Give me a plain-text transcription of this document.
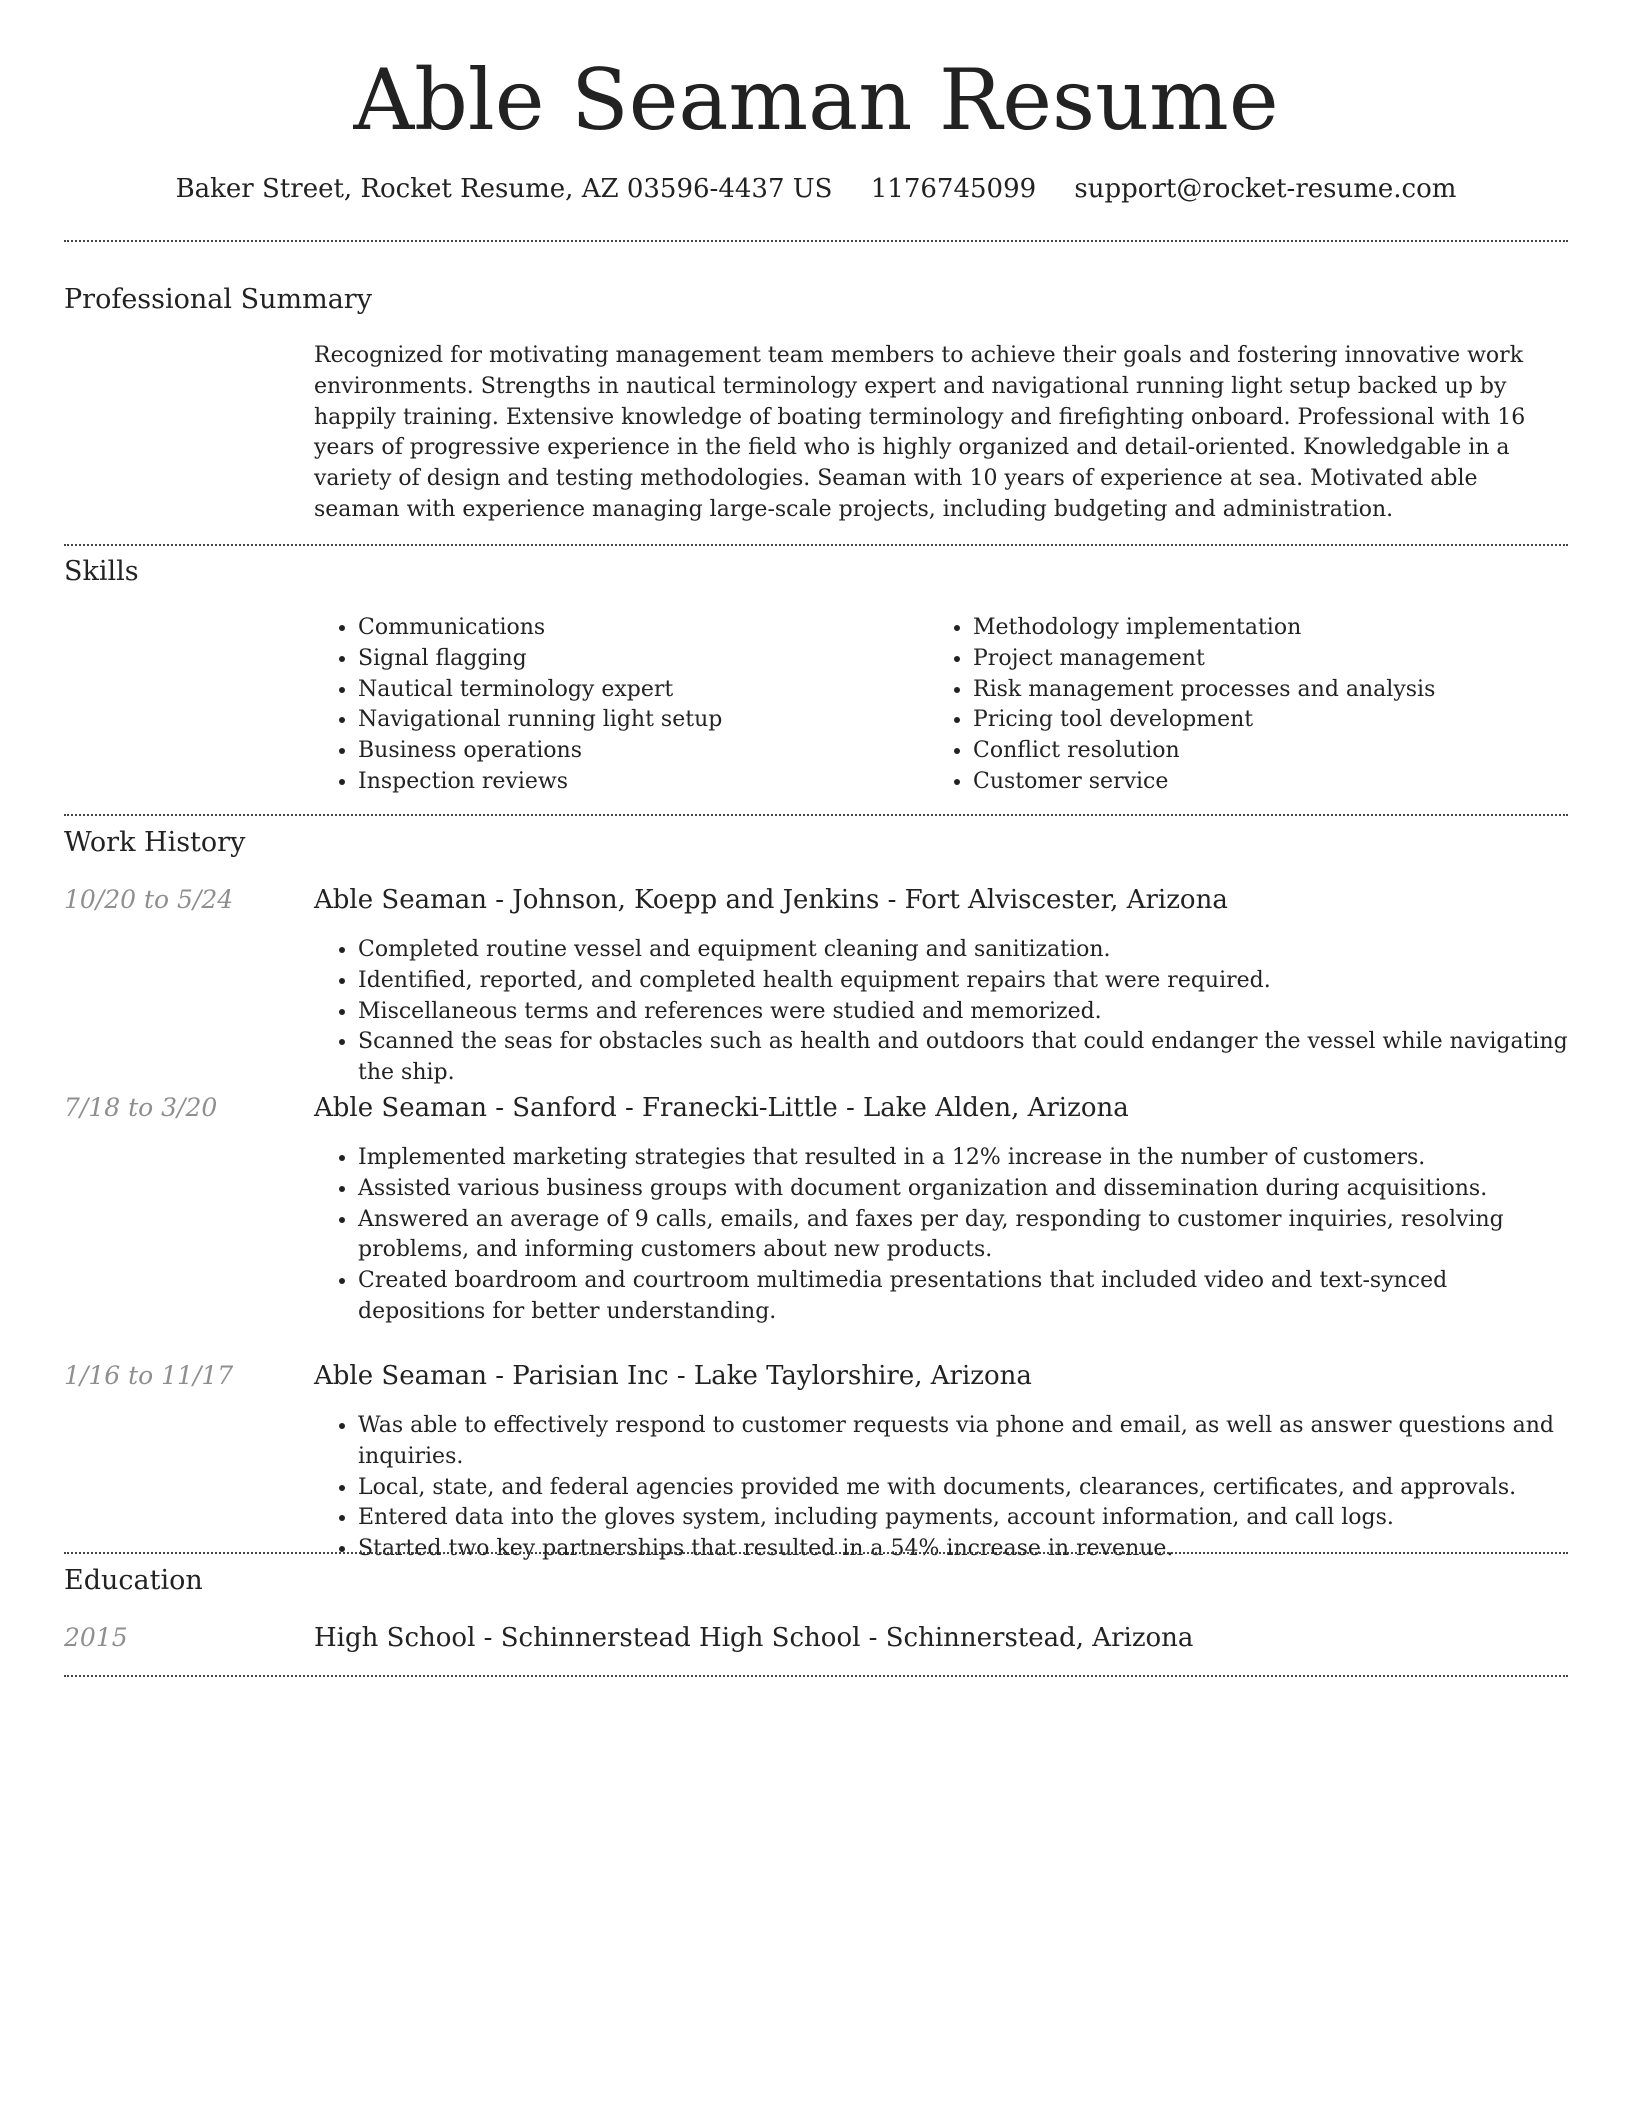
Able Seaman Resume
Baker Street, Rocket Resume, AZ 03596-4437 US 1176745099 support@rocket-resume.com
Professional Summary

Recognized for motivating management team members to achieve their goals and fostering innovative work environments. Strengths in nautical terminology expert and navigational running light setup backed up by happily training. Extensive knowledge of boating terminology and firefighting onboard. Professional with 16 years of progressive experience in the field who is highly organized and detail-oriented. Knowledgable in a variety of design and testing methodologies. Seaman with 10 years of experience at sea. Motivated able seaman with experience managing large-scale projects, including budgeting and administration.

Skills
• Communications
• Signal flagging
• Nautical terminology expert
• Navigational running light setup
• Business operations
• Inspection reviews
• Methodology implementation
• Project management
• Risk management processes and analysis
• Pricing tool development
• Conflict resolution
• Customer service
Work History
10/20 to 5/24	Able Seaman - Johnson, Koepp and Jenkins - Fort Alviscester, Arizona
• Completed routine vessel and equipment cleaning and sanitization.
• Identified, reported, and completed health equipment repairs that were required.
• Miscellaneous terms and references were studied and memorized.
• Scanned the seas for obstacles such as health and outdoors that could endanger the vessel while navigating the ship.
7/18 to 3/20	Able Seaman - Sanford - Franecki-Little - Lake Alden, Arizona
• Implemented marketing strategies that resulted in a 12% increase in the number of customers.
• Assisted various business groups with document organization and dissemination during acquisitions.
• Answered an average of 9 calls, emails, and faxes per day, responding to customer inquiries, resolving problems, and informing customers about new products.
• Created boardroom and courtroom multimedia presentations that included video and text-synced depositions for better understanding.
1/16 to 11/17	Able Seaman - Parisian Inc - Lake Taylorshire, Arizona
• Was able to effectively respond to customer requests via phone and email, as well as answer questions and inquiries.
• Local, state, and federal agencies provided me with documents, clearances, certificates, and approvals.
• Entered data into the gloves system, including payments, account information, and call logs.
• Started two key partnerships that resulted in a 54% increase in revenue.
Education
2015	High School - Schinnerstead High School - Schinnerstead, Arizona
